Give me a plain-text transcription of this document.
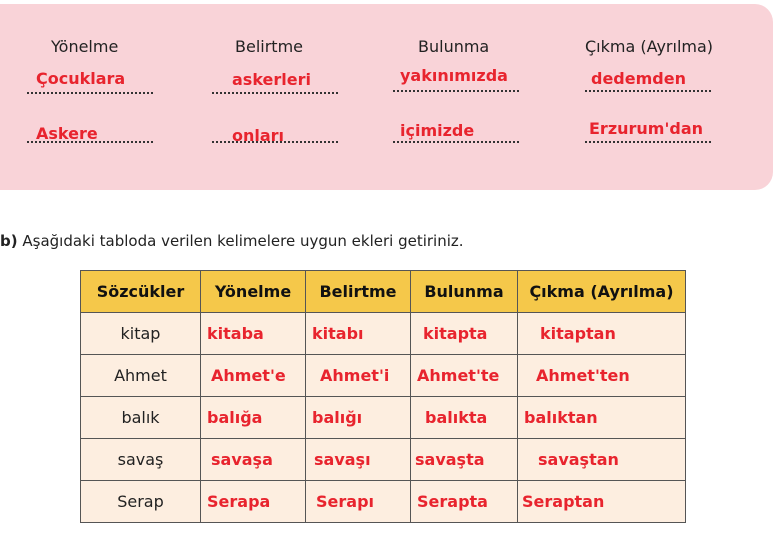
Yönelme	Belirtme	Bulunma	Çıkma (Ayrılma)
Çocuklara	askerleri	yakınımızda	dedemden
Askere	onları	içimizde	Erzurum'dan
b) Aşağıdaki tabloda verilen kelimelere uygun ekleri getiriniz.
Sözcükler	Yönelme	Belirtme	Bulunma	Çıkma (Ayrılma)
kitap	kitaba	kitabı	kitapta	kitaptan

Ahmet	Ahmet'e	Ahmet'i	Ahmet'te	Ahmet'ten

balık	balığa	balığı	balıkta	balıktan

savaş	savaşa	savaşı	savaşta	savaştan

Serap	Serapa	Serapı	Serapta	Seraptan
